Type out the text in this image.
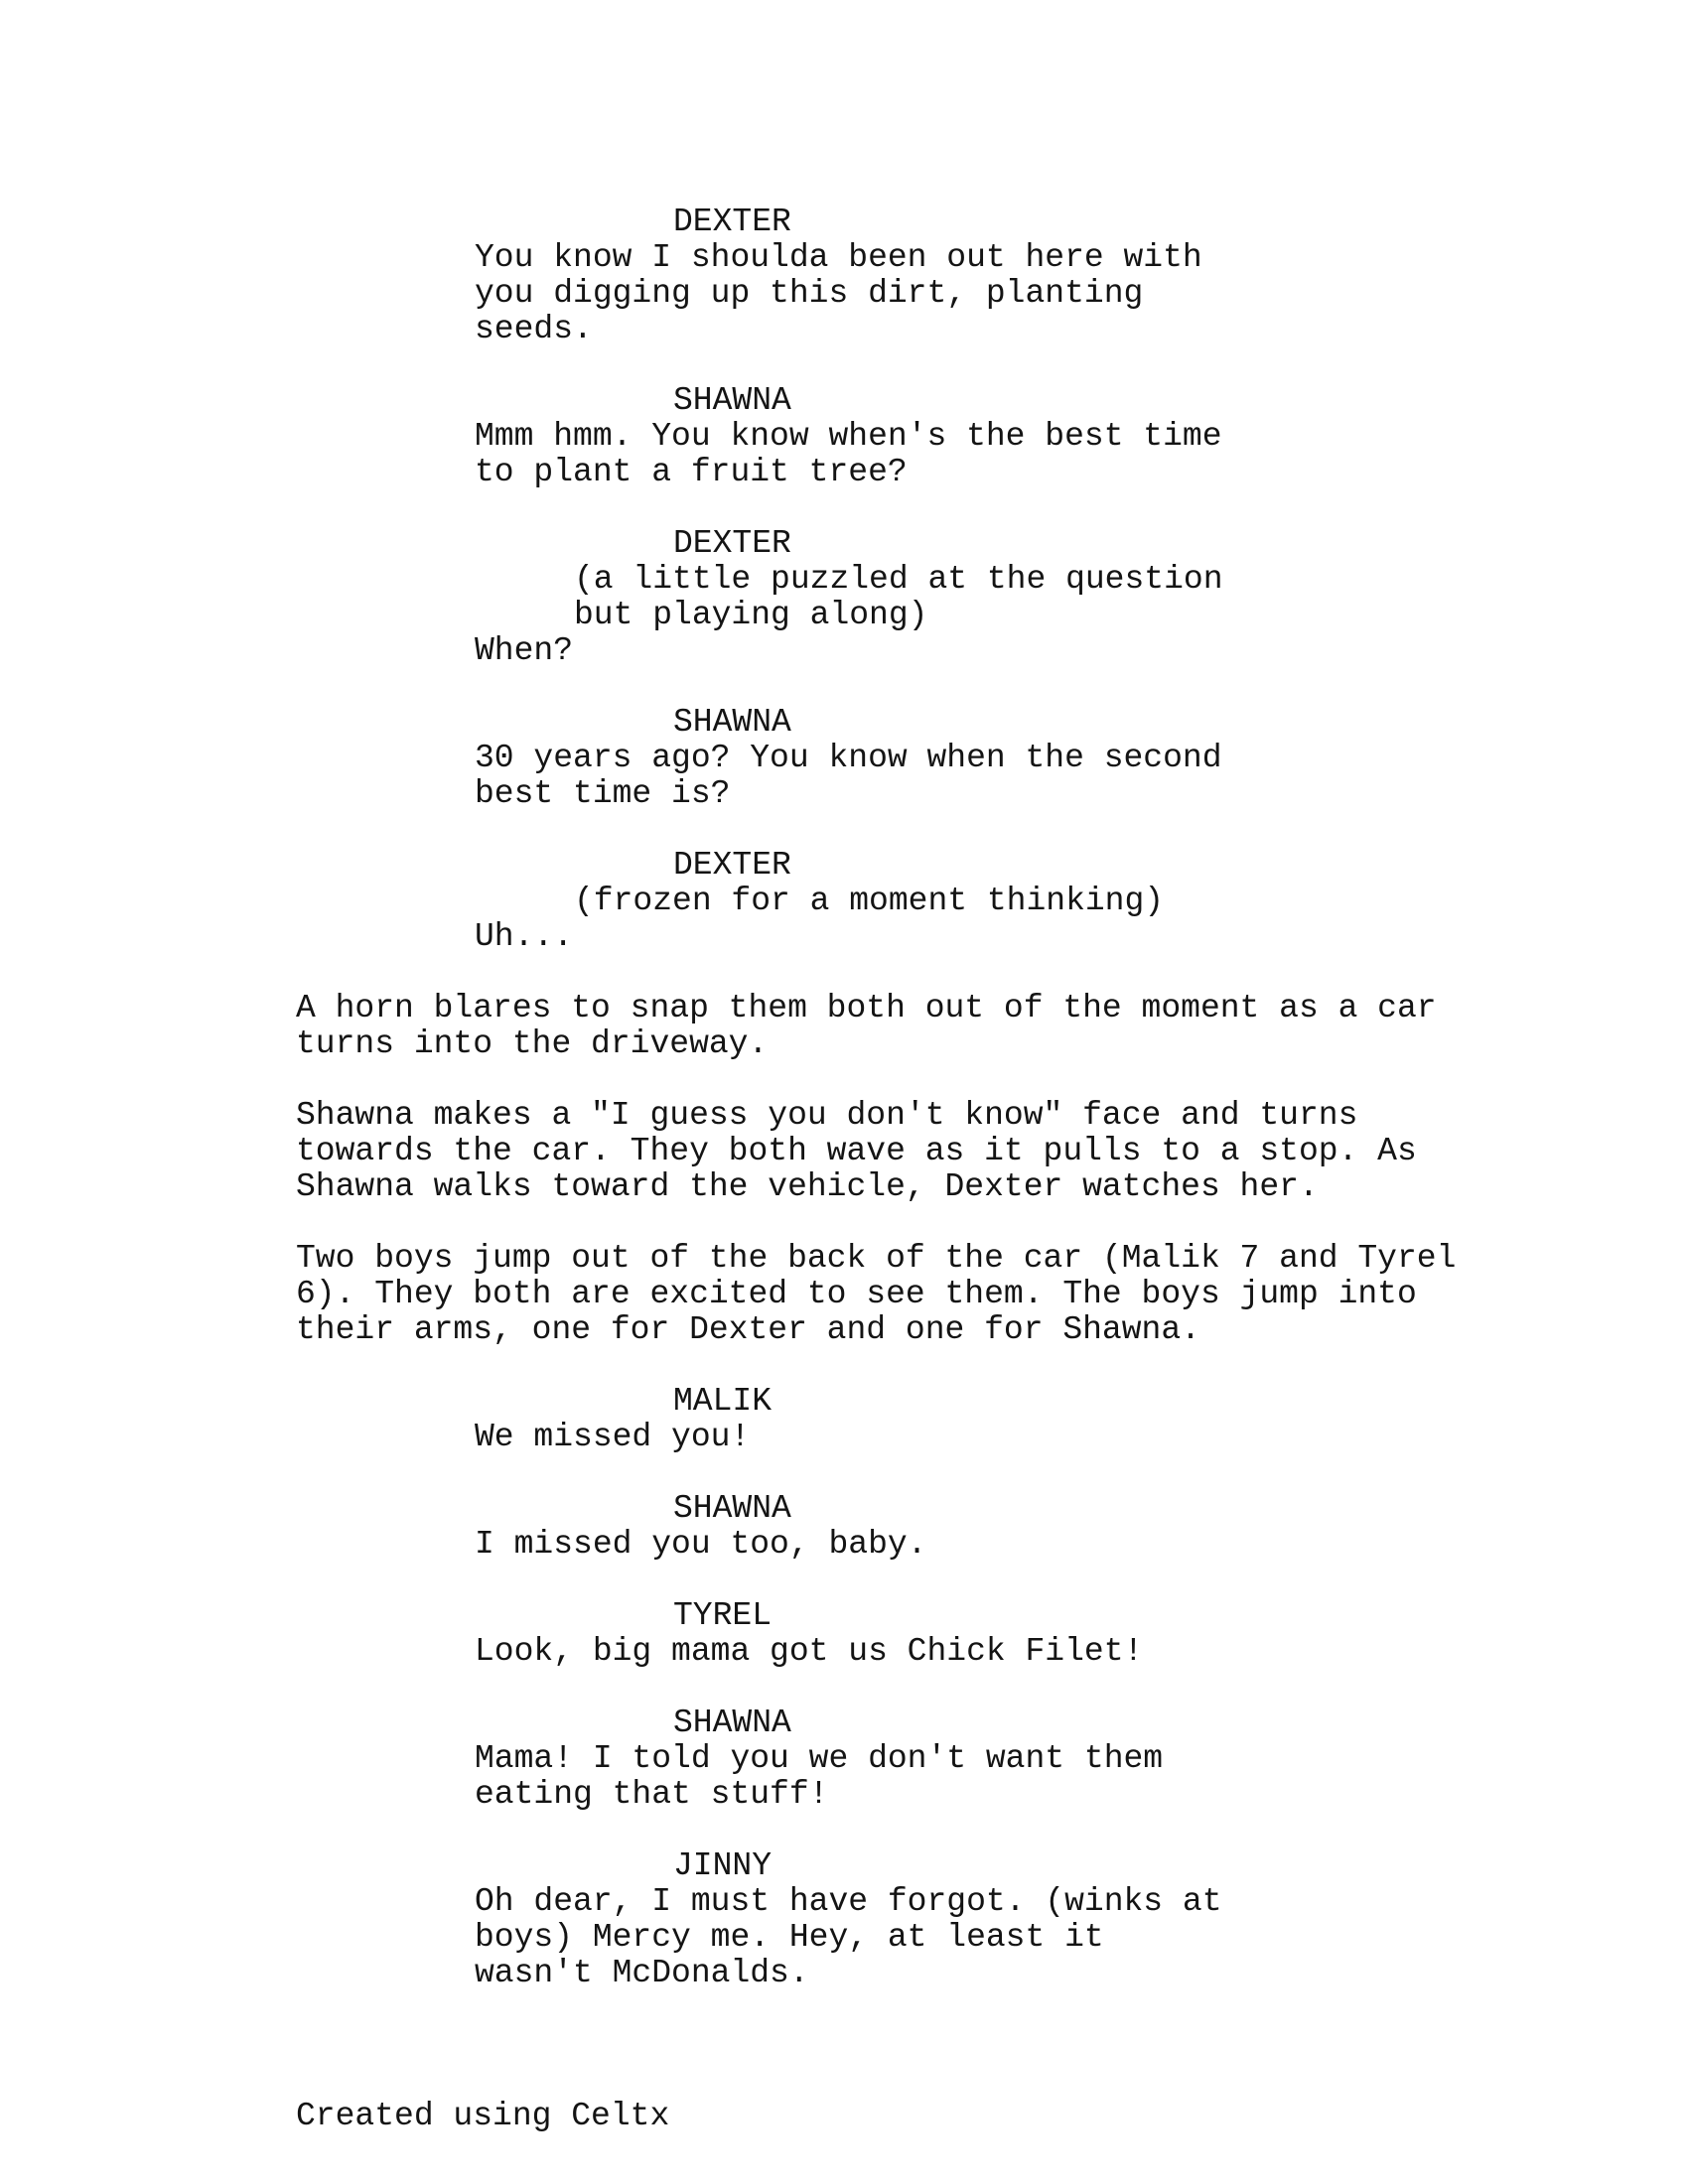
DEXTER

You know I shoulda been out here with
you digging up this dirt, planting
seeds.

SHAWNA

Mmm hmm. You know when's the best time
to plant a fruit tree?

DEXTER

(a little puzzled at the question
but playing along)

When?

SHAWNA

30 years ago? You know when the second
best time is?

DEXTER

(frozen for a moment thinking)

Uh...

A horn blares to snap them both out of the moment as a car
turns into the driveway.

Shawna makes a "I guess you don't know" face and turns
towards the car. They both wave as it pulls to a stop. As
Shawna walks toward the vehicle, Dexter watches her.

Two boys jump out of the back of the car (Malik 7 and Tyrel
6). They both are excited to see them. The boys jump into
their arms, one for Dexter and one for Shawna.

MALIK

We missed you!

SHAWNA

I missed you too, baby.

TYREL

Look, big mama got us Chick Filet!

SHAWNA

Mama! I told you we don't want them
eating that stuff!

JINNY

Oh dear, I must have forgot. (winks at
boys) Mercy me. Hey, at least it
wasn't McDonalds.

Created using Celtx
